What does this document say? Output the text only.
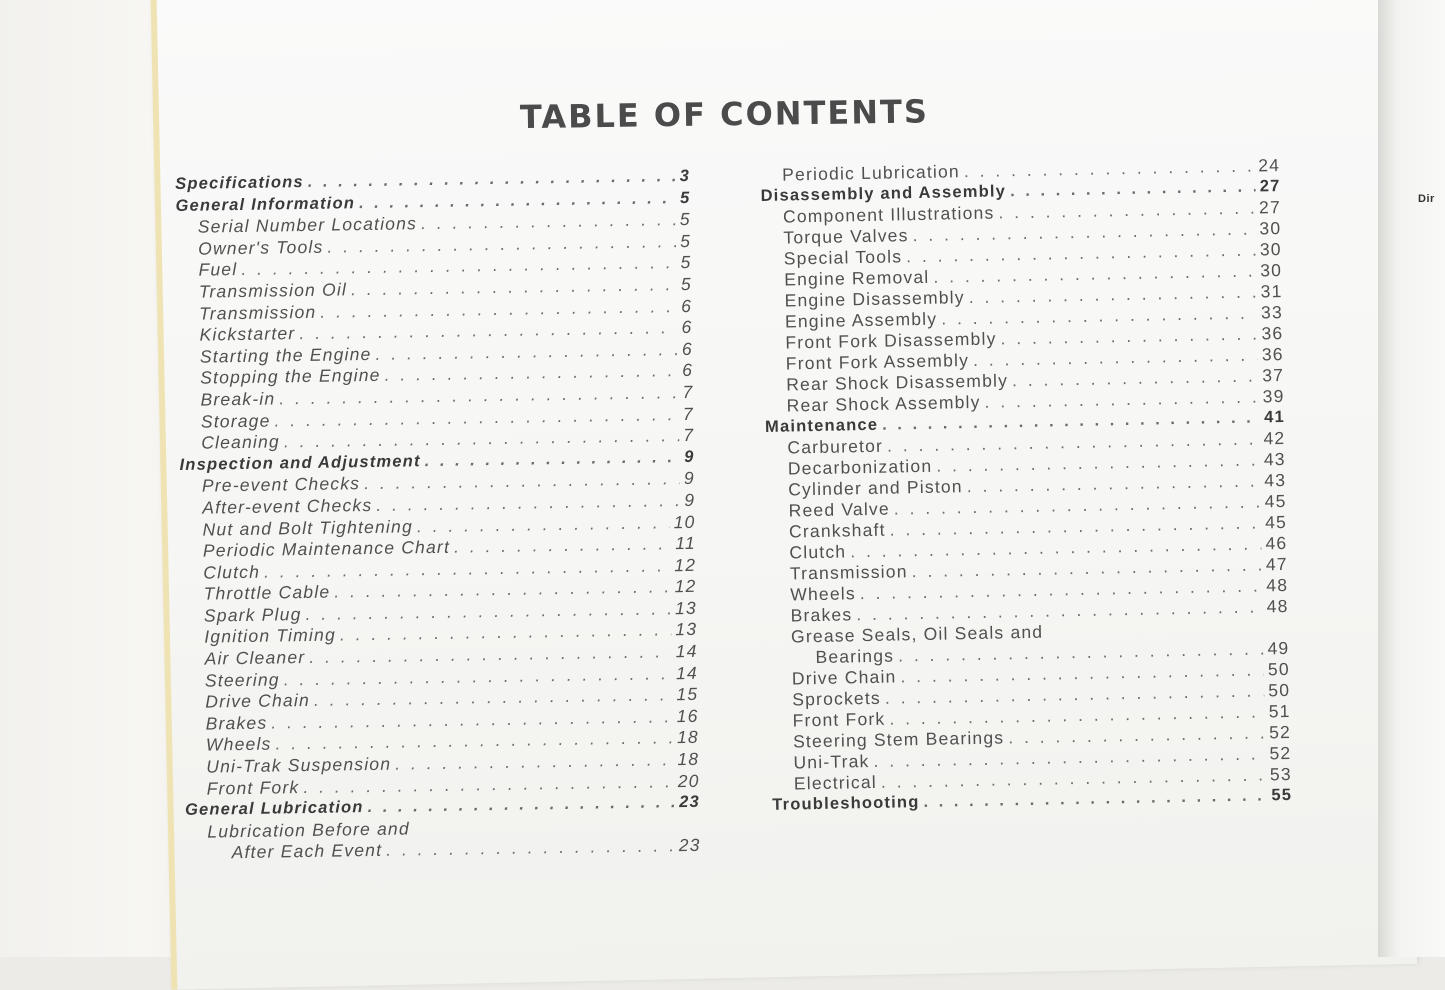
Dir
TABLE OF CONTENTS
Specifications . . .	3
General Information . . .	5
Serial Number Locations . . .	5
Owner's Tools . . .	5
Fuel . . .	5
Transmission Oil . . .	5
Transmission . . .	6
Kickstarter . . .	6
Starting the Engine . . .	6
Stopping the Engine . . .	6
Break-in . . .	7
Storage . . .	7
Cleaning . . .	7
Inspection and Adjustment . . .	9
Pre-event Checks . . .	9
After-event Checks . . .	9
Nut and Bolt Tightening . . .	10
Periodic Maintenance Chart . . .	11
Clutch . . .	12
Throttle Cable . . .	12
Spark Plug . . .	13
Ignition Timing . . .	13
Air Cleaner . . .	14
Steering . . .	14
Drive Chain . . .	15
Brakes . . .	16
Wheels . . .	18
Uni-Trak Suspension . . .	18
Front Fork . . .	20
General Lubrication . . .	23
Lubrication Before and
After Each Event . . .	23
Periodic Lubrication . . .	24
Disassembly and Assembly . . .	27
Component Illustrations . . .	27
Torque Valves . . .	30
Special Tools . . .	30
Engine Removal . . .	30
Engine Disassembly . . .	31
Engine Assembly . . .	33
Front Fork Disassembly . . .	36
Front Fork Assembly . . .	36
Rear Shock Disassembly . . .	37
Rear Shock Assembly . . .	39
Maintenance . . .	41
Carburetor . . .	42
Decarbonization . . .	43
Cylinder and Piston . . .	43
Reed Valve . . .	45
Crankshaft . . .	45
Clutch . . .	46
Transmission . . .	47
Wheels . . .	48
Brakes . . .	48
Grease Seals, Oil Seals and
Bearings . . .	49
Drive Chain . . .	50
Sprockets . . .	50
Front Fork . . .	51
Steering Stem Bearings . . .	52
Uni-Trak . . .	52
Electrical . . .	53
Troubleshooting . . .	55
